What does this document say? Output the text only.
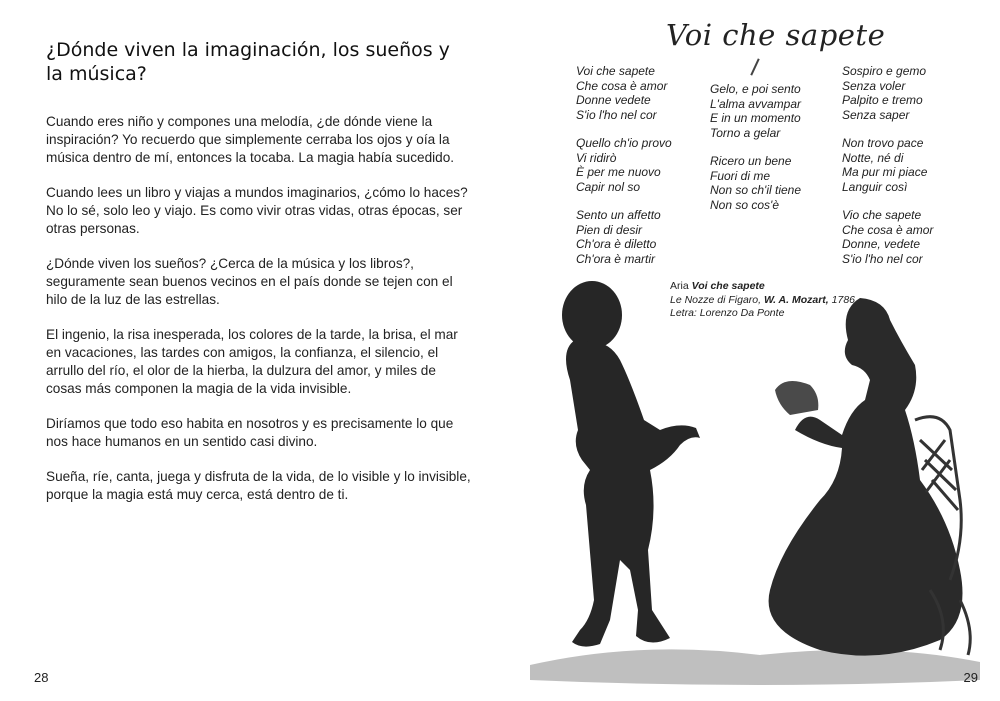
¿Dónde viven la imaginación, los sueños y la música?

Cuando eres niño y compones una melodía, ¿de dónde viene la inspiración? Yo recuerdo que simplemente cerraba los ojos y oía la música dentro de mí, entonces la tocaba. La magia había sucedido.

Cuando lees un libro y viajas a mundos imaginarios, ¿cómo lo haces? No lo sé, solo leo y viajo. Es como vivir otras vidas, otras épocas, ser otras personas.

¿Dónde viven los sueños? ¿Cerca de la música y los libros?, seguramente sean buenos vecinos en el país donde se tejen con el hilo de la luz de las estrellas.

El ingenio, la risa inesperada, los colores de la tarde, la brisa, el mar en vacaciones, las tardes con amigos, la confianza, el silencio, el arrullo del río, el olor de la hierba, la dulzura del amor, y miles de cosas más componen la magia de la vida invisible.

Diríamos que todo eso habita en nosotros y es precisamente lo que nos hace humanos en un sentido casi divino.

Sueña, ríe, canta, juega y disfruta de la vida, de lo visible y lo invisible, porque la magia está muy cerca, está dentro de ti.

28
Voi che sapete
Voi che sapete
Che cosa è amor
Donne vedete
S'io l'ho nel cor
Quello ch'io provo
Vi ridirò
È per me nuovo
Capir nol so
Sento un affetto
Pien di desir
Ch'ora è diletto
Ch'ora è martir
Gelo, e poi sento
L'alma avvampar
E in un momento
Torno a gelar
Ricero un bene
Fuori di me
Non so ch'il tiene
Non so cos'è
Sospiro e gemo
Senza voler
Palpito e tremo
Senza saper
Non trovo pace
Notte, né di
Ma pur mi piace
Languir così
Vio che sapete
Che cosa è amor
Donne, vedete
S'io l'ho nel cor
Aria Voi che sapete
Le Nozze di Figaro, W. A. Mozart, 1786
Letra: Lorenzo Da Ponte
29
